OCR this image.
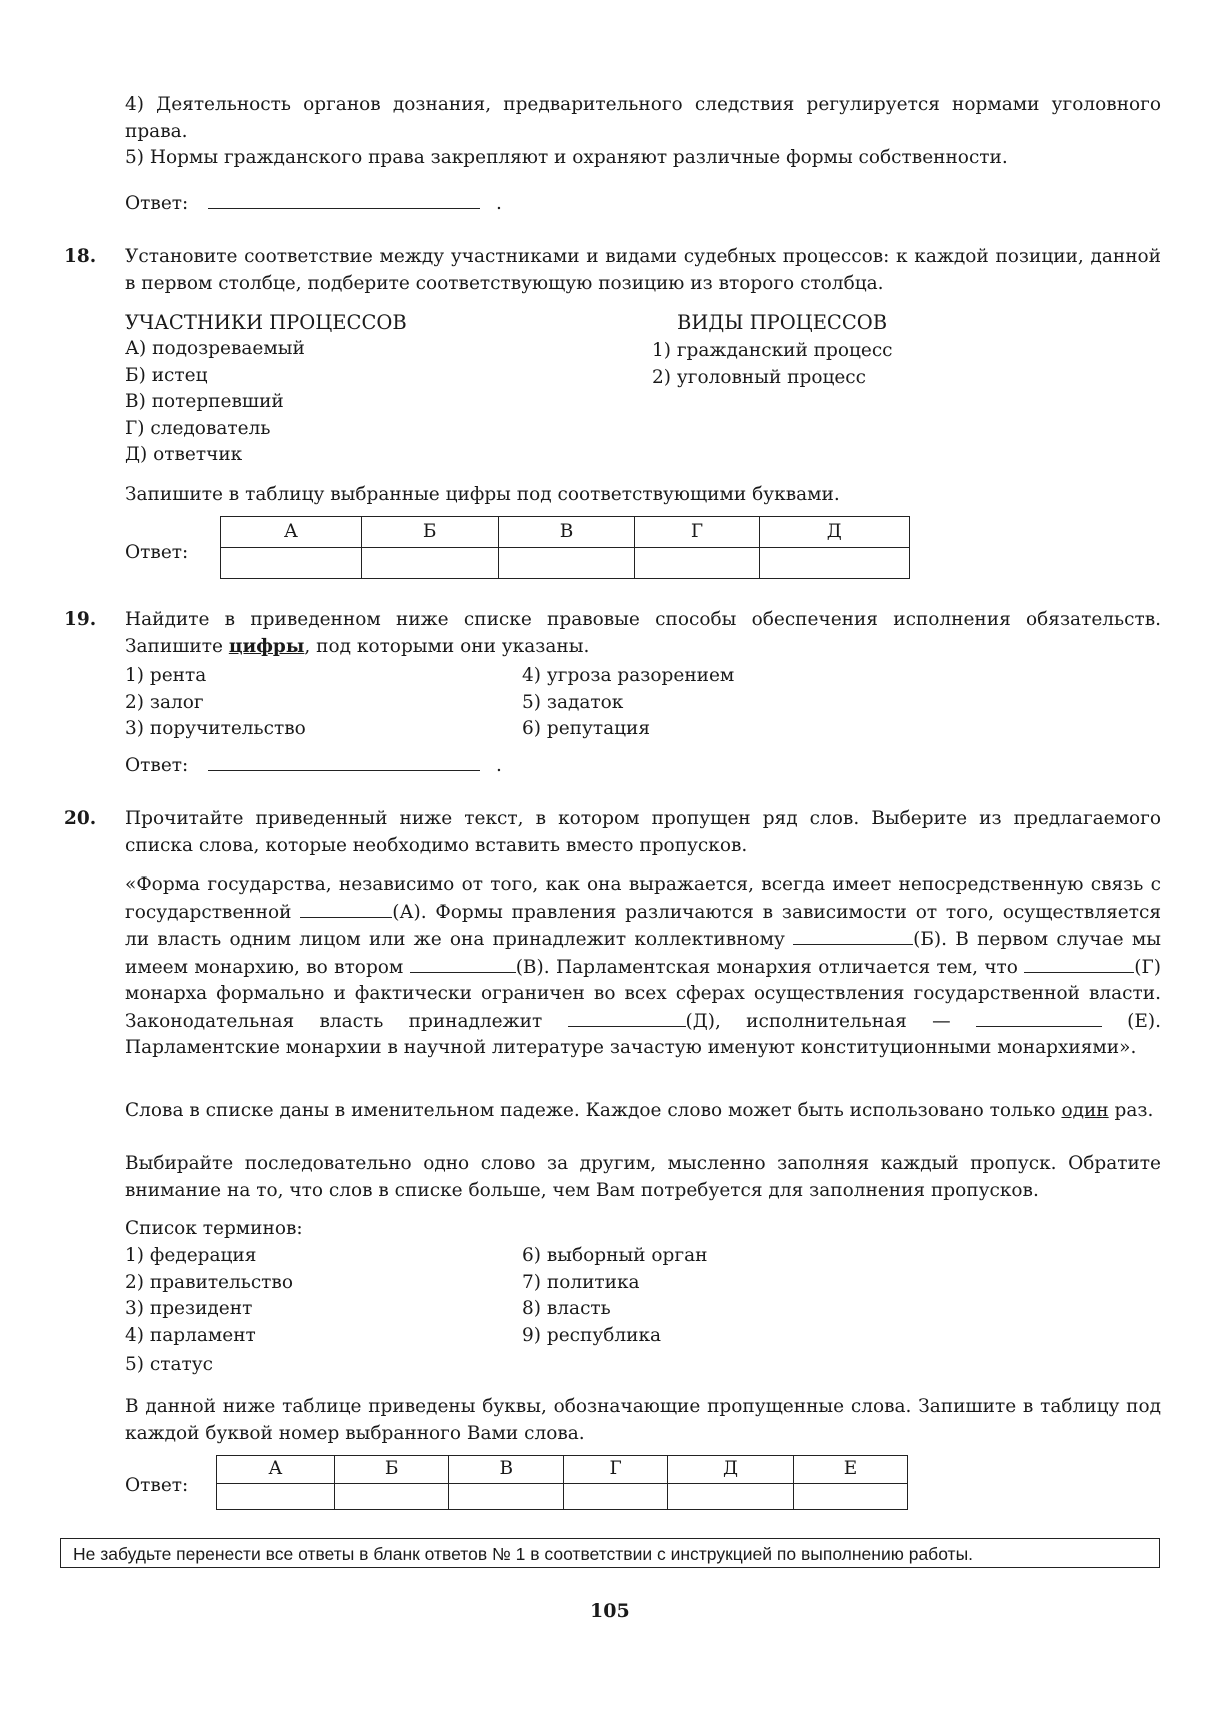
4) Деятельность органов дознания, предварительного следствия регулируется нормами уголовного права.
5) Нормы гражданского права закрепляют и охраняют различные формы собственности.
Ответ:	.
18. Установите соответствие между участниками и видами судебных процессов: к каждой позиции, данной в первом столбце, подберите соответствующую позицию из второго столбца.
УЧАСТНИКИ ПРОЦЕССОВ
А) подозреваемый
Б) истец
В) потерпевший
Г) следователь
Д) ответчик
ВИДЫ ПРОЦЕССОВ
1) гражданский процесс
2) уголовный процесс
Запишите в таблицу выбранные цифры под соответствующими буквами.
Ответ:
А	Б	В	Г	Д

19. Найдите в приведенном ниже списке правовые способы обеспечения исполнения обязательств. Запишите цифры, под которыми они указаны.
1) рента
2) залог
3) поручительство
4) угроза разорением
5) задаток
6) репутация
Ответ:	.
20. Прочитайте приведенный ниже текст, в котором пропущен ряд слов. Выберите из предлагаемого списка слова, которые необходимо вставить вместо пропусков.
«Форма государства, независимо от того, как она выражается, всегда имеет непосредственную связь с государственной	(А). Формы правления различаются в зависимости от того, осуществляется ли власть одним лицом или же она принадлежит коллективному	(Б). В первом случае мы имеем монархию, во втором	(В). Парламентская монархия отличается тем, что	(Г) монарха формально и фактически ограничен во всех сферах осуществления государственной власти. Законодательная власть принадлежит	(Д), исполнительная —	(Е). Парламентские монархии в научной литературе зачастую именуют конституционными монархиями».
Слова в списке даны в именительном падеже. Каждое слово может быть использовано только один раз.
Выбирайте последовательно одно слово за другим, мысленно заполняя каждый пропуск. Обратите внимание на то, что слов в списке больше, чем Вам потребуется для заполнения пропусков.
Список терминов:
1) федерация
2) правительство
3) президент
4) парламент
5) статус
6) выборный орган
7) политика
8) власть
9) республика
В данной ниже таблице приведены буквы, обозначающие пропущенные слова. Запишите в таблицу под каждой буквой номер выбранного Вами слова.
Ответ:
А	Б	В	Г	Д	Е

Не забудьте перенести все ответы в бланк ответов № 1 в соответствии с инструкцией по выполнению работы.
105
